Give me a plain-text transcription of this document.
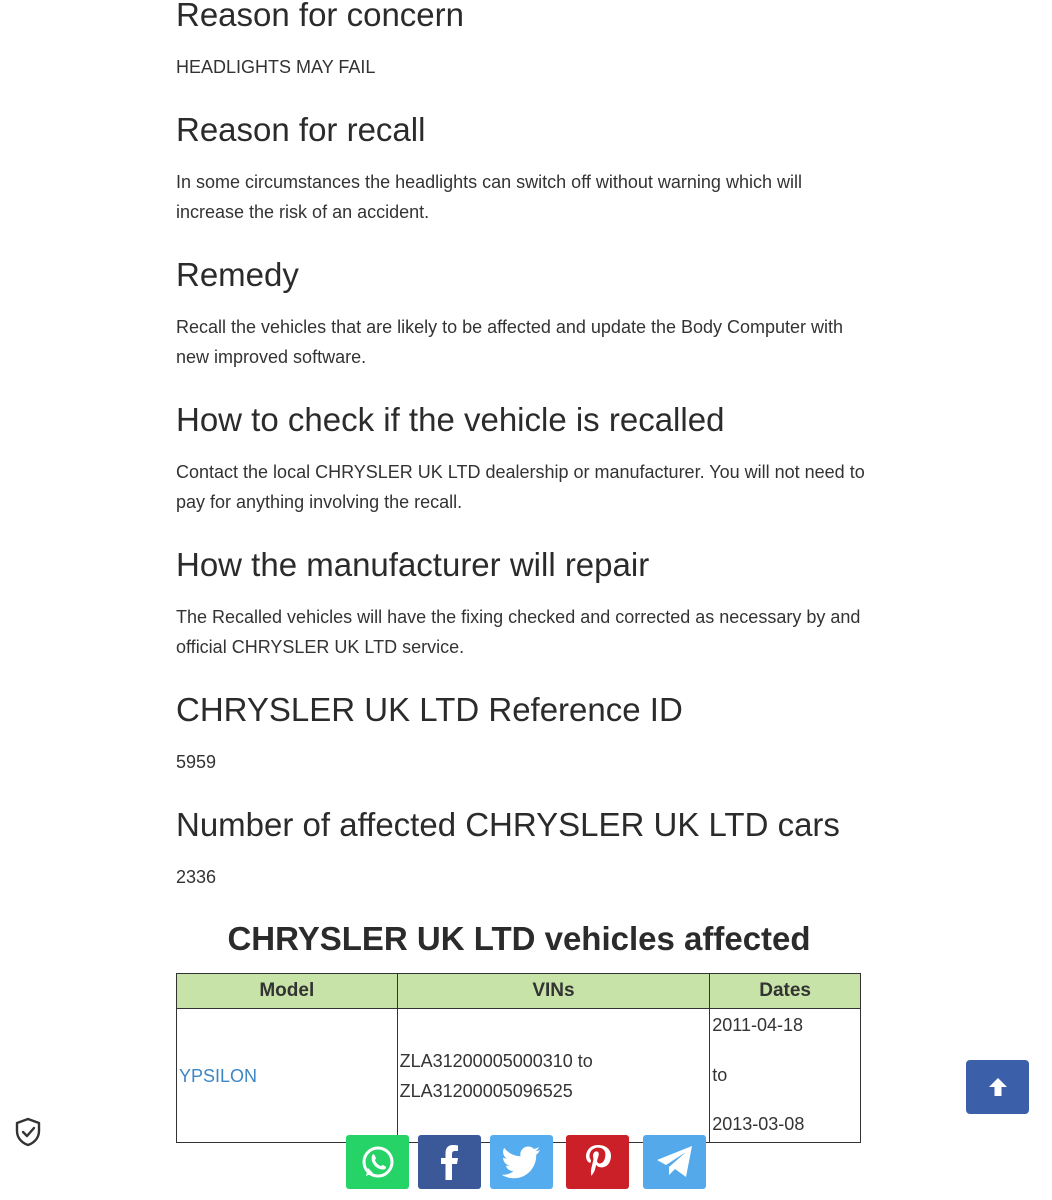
Reason for concern

HEADLIGHTS MAY FAIL

Reason for recall

In some circumstances the headlights can switch off without warning which will increase the risk of an accident.

Remedy

Recall the vehicles that are likely to be affected and update the Body Computer with new improved software.

How to check if the vehicle is recalled

Contact the local CHRYSLER UK LTD dealership or manufacturer. You will not need to pay for anything involving the recall.

How the manufacturer will repair

The Recalled vehicles will have the fixing checked and corrected as necessary by and official CHRYSLER UK LTD service.

CHRYSLER UK LTD Reference ID

5959

Number of affected CHRYSLER UK LTD cars

2336

CHRYSLER UK LTD vehicles affected
Model	VINs	Dates
YPSILON	ZLA31200005000310 to ZLA31200005096525	2011-04-18
to
2013-03-08
